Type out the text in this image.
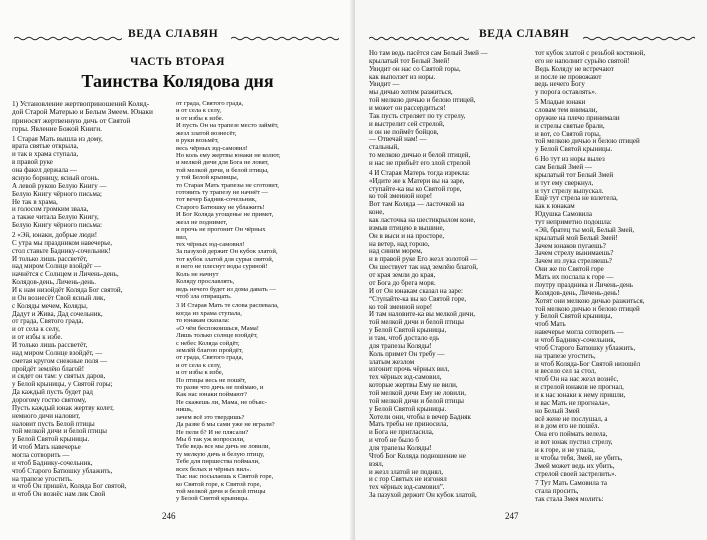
ВЕДА СЛАВЯН
ЧАСТЬ ВТОРАЯ
Таинства Колядова дня

1) Установление жертвоприношений Коляд-

дой Старой Матерью и Белым Змеем. Юнаки

приносят жертвенную дичь от Святой

горы. Явление Божой Книги.

1 Старая Мать вышла из дому,

врата святые открыла,

и так в храма ступала,

в правой руке

она факел держала —

ясную борницу, ясный огонь.

А левой рукою Белую Книгу —

Белую Книгу чёрного письма;

Не так в храма,

и голосом громким звала,

а также читала Белую Книгу,

Белую Книгу чёрного письма:

2 «Эй, юнаки, добрые люди!

С утра мы праздником навечерье,

стол ставьте Баднику-сочельник!

И только лишь рассветёт,

над миром Солнце взойдёт —

начнётся с Солнцем и Личень-день,

Колядов-день, Личень-день.

И к нам низойдёт Коляда Бог святой,

и Он вознесёт Свой ясный лик,

с Коляды мечем, Коляды,

Дадут и Жива, Дад сочельник,

от града, Святого града,

и от села к селу,

и от избы к избе.

И только лишь рассветёт,

над миром Солнце взойдёт, —

сметая кругом снежные поля —

пройдёт землёю благой!

и сядет он там: у святых даров,

у Белой крыницы, у Святой горы;

Да каждый пусть будет рад

дорогому гостю святому,

Пусть каждый юнак жертву колет,

немного дичи наловит,

наловит пусть Белой птицы

той мелкой дичи и белой птицы

у Белой Святой крыницы.

И чтоб Мать навечерье

могла сотворить —

и чтоб Баднику-сочельник,

чтоб Старого Батюшку ублажить,

на трапезе угостить.

и чтоб Он пришёл, Коляда Бог святой,

и чтоб Он вознёс нам лик Свой

от града, Святого града,

и от села к селу,

и от избы к избе.

И пусть Он на трапезе место займёт,

жезл златой вознесёт,

в руки возьмёт,

весь чёрных юд-самовил!

Но коль ему жертвы юнаки не колют,

и мелкой дичи для Бога не ловят,

той мелкой дичи, и белой птицы,

у той Белой крыницы,

то Старая Мать трапезы не сготовит,

готовить ту трапезу не начнёт —

тот вечер Бадник-сочельник,

Старого Батюшку не ублажить!

И Бог Коляда угощенье не примет,

жезл не поднимет,

и прочь не прогонит Он чёрных

вил,

тех чёрных юд-самовил!

За пазухой держит Он кубок златой,

тот кубок златой для сурьи святой,

в него не плеснут воды суряной!

Коль не начнут

Коляду прославлять,

ведь нечего будет из дома давать —

чтоб зла отвращать.

3 И Старая Мать те слова распевала,

когда из храма ступала,

то юнакам сказала:

«О чём беспокоишься, Мама!

Лишь только солнце взойдёт,

с небес Коляда сойдёт,

землёй благою пройдёт,

от града, Святого града,

и от села к селу,

и от избы к избе,

По птицы весь не пошёт,

то разве что дичь не поймаю, и

Как нас юнаки поймают?

Не скажешь ли, Мама, не объяс-

нишь,

зачем всё это твердишь?

Да разве б мы сами уже не играли?

Не пели б? И не плясали?

Мы б так уж вопросили,

Тебе ведь все мы дичь не ловили,

ту мелкую дичь и белую птицу,

Тебе для пиршества поймали,

всех белых и чёрных вил».

Тыс нас посылаешь к Святой горе,

ко Святой горе, к Святой горе,

той мелкой дичи и белой птицы

у Белой Святой крыницы.

246
ВЕДА СЛАВЯН

Но там ведь пасётся сам Белый Змей —

крылатый тот Белый Змей!

Увидит он нас со Святой горы,

как выползет из норы.

Увидит —

мы дичью хотим разжиться,

той мелкою дичью и белою птицей,

и может он рассердиться!

Так пусть стреляет по ту стрелу,

и выстрелит сей стрелой,

и он не поймёт бойцов,

— Отвечай нам! —

стальный,

то мелкою дичью и белой птицей,

и нас не прибьёт его злой стрелой

4 И Старая Матерь тогда изрекла:

«Идите же к Матери вы на заре,

ступайте-ка вы ко Святой горе,

ко той змеиной норе!

Вот там Коляда — ласточкой на

коне,

как ласточка на шестикрылом коне,

взмыв птицею в вышине,

Он в выси и на просторе,

на ветер, над горою,

над синим морем,

и в правой руке Его жезл золотой —

Он шествует так над землёю благой,

от края земли до края,

от Бога до брега моря.

И от Он юнакам сказал на заре:

“Ступайте-ка вы ко Святой горе,

ко той змеиной норе!

И там наловите-ка вы мелкой дичи,

той мелкой дичи и белой птицы

у Белой Святой крыницы,

и там, чтоб достало едь

для трапезы Коляды!

Коль примет Он требу —

златым жезлом

изгонит прочь чёрных вил,

тех чёрных юд-самовил,

которые жертвы Ему не вили,

той мелкой дичи Ему не ловили,

той мелкой дичи и белой птицы

у Белой Святой крыницы.

Хотели они, чтобы в вечер Бадняк

Мать требы не приносила,

и Бога не пригласила,

и чтоб не было б

для трапезы Коляды!

Чтоб Бог Коляда подношение не

взял,

и жезл златой не поднял,

и с гор Святых не изгонял

тех чёрных юд-самовил”.

За пазухой держит Он кубок златой,

тот кубок златой с резьбой костяной,

его не наполнит сурьёю святой!

Ведь Коляду не встречают

и после не провожают

ведь нечего Богу

у порога оставлять».

5 Младые юнаки

словам тем внимали,

оружие на плечо принимали

и стрелы святые брали,

и вот, со Святой горы,

той мелкою дичью и белою птицей

у Белой Святой крыницы.

6 Но тут из норы вылез

сам Белый Змей —

крылатый тот Белый Змей

и тут ему сверкнул,

и тут стрелу выпускал.

Ещё тут стрела не взлетела,

как к юнакам

Юдушка Самовила

тут неприметно подошла:

«Эй, братец ты мой, Белый Змей,

крылатый мой Белый Змей!

Зачем юнаков пугаешь?

Зачем стрелу вынимаешь?

Зачем из лука стреляешь?

Они же по Святой горе

Мать их послала к горе —

поутру праздника и Личень-день

Колядов-день, Личень-день!

Хотят они мелкою дичью разжиться,

той мелкою дичью и белою птицей

у Белой Святой крыницы,

чтоб Мать

навечерье могла сотворить —

и чтоб Баднику-сочельник,

чтоб Старого Батюшку ублажить,

на трапезе угостить,

и чтоб Коляда-Бог Святой низошёл

и весело сел за стол,

чтоб Он на нас жезл вознёс,

и стрелой юнаков не прогнал,

и к нас юнаки к нему пришли,

и вас Мать не прогнала»,

но Белый Змей

всё жене не послушал, а

и в дом его не пошёл.

Она его поймать велела,

и вот юнак пустил стрелу,

и к горе, и не упала,

и чтобы тебя, Змей, не убить,

Змей может ведь их убить,

стрелой своей застрелить».

7 Тут Мать Самовила та

стала просить,

так стала Змея молить:

247
